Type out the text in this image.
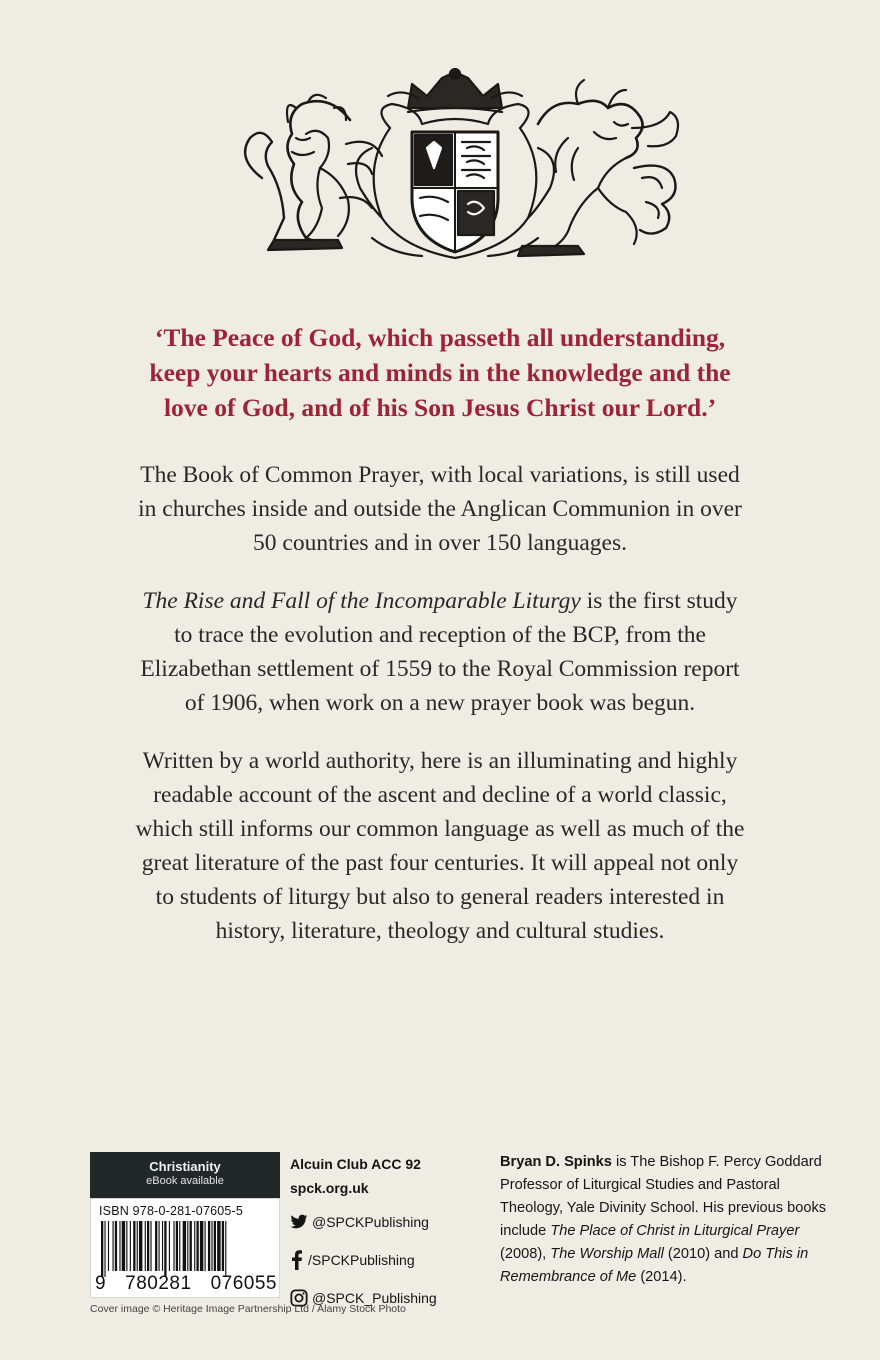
‘The Peace of God, which passeth all understanding,
keep your hearts and minds in the knowledge and the
love of God, and of his Son Jesus Christ our Lord.’
The Book of Common Prayer, with local variations, is still used
in churches inside and outside the Anglican Communion in over
50 countries and in over 150 languages.
The Rise and Fall of the Incomparable Liturgy is the first study
to trace the evolution and reception of the BCP, from the
Elizabethan settlement of 1559 to the Royal Commission report
of 1906, when work on a new prayer book was begun.
Written by a world authority, here is an illuminating and highly
readable account of the ascent and decline of a world classic,
which still informs our common language as well as much of the
great literature of the past four centuries. It will appeal not only
to students of liturgy but also to general readers interested in
history, literature, theology and cultural studies.
Christianity
eBook available
ISBN 978-0-281-07605-5
9 780281 076055
Alcuin Club ACC 92
spck.org.uk
@SPCKPublishing
/SPCKPublishing
@SPCK_Publishing

Bryan D. Spinks is The Bishop F. Percy Goddard Professor of Liturgical Studies and Pastoral Theology, Yale Divinity School. His previous books include The Place of Christ in Liturgical Prayer (2008), The Worship Mall (2010) and Do This in Remembrance of Me (2014).

Cover image © Heritage Image Partnership Ltd / Alamy Stock Photo
